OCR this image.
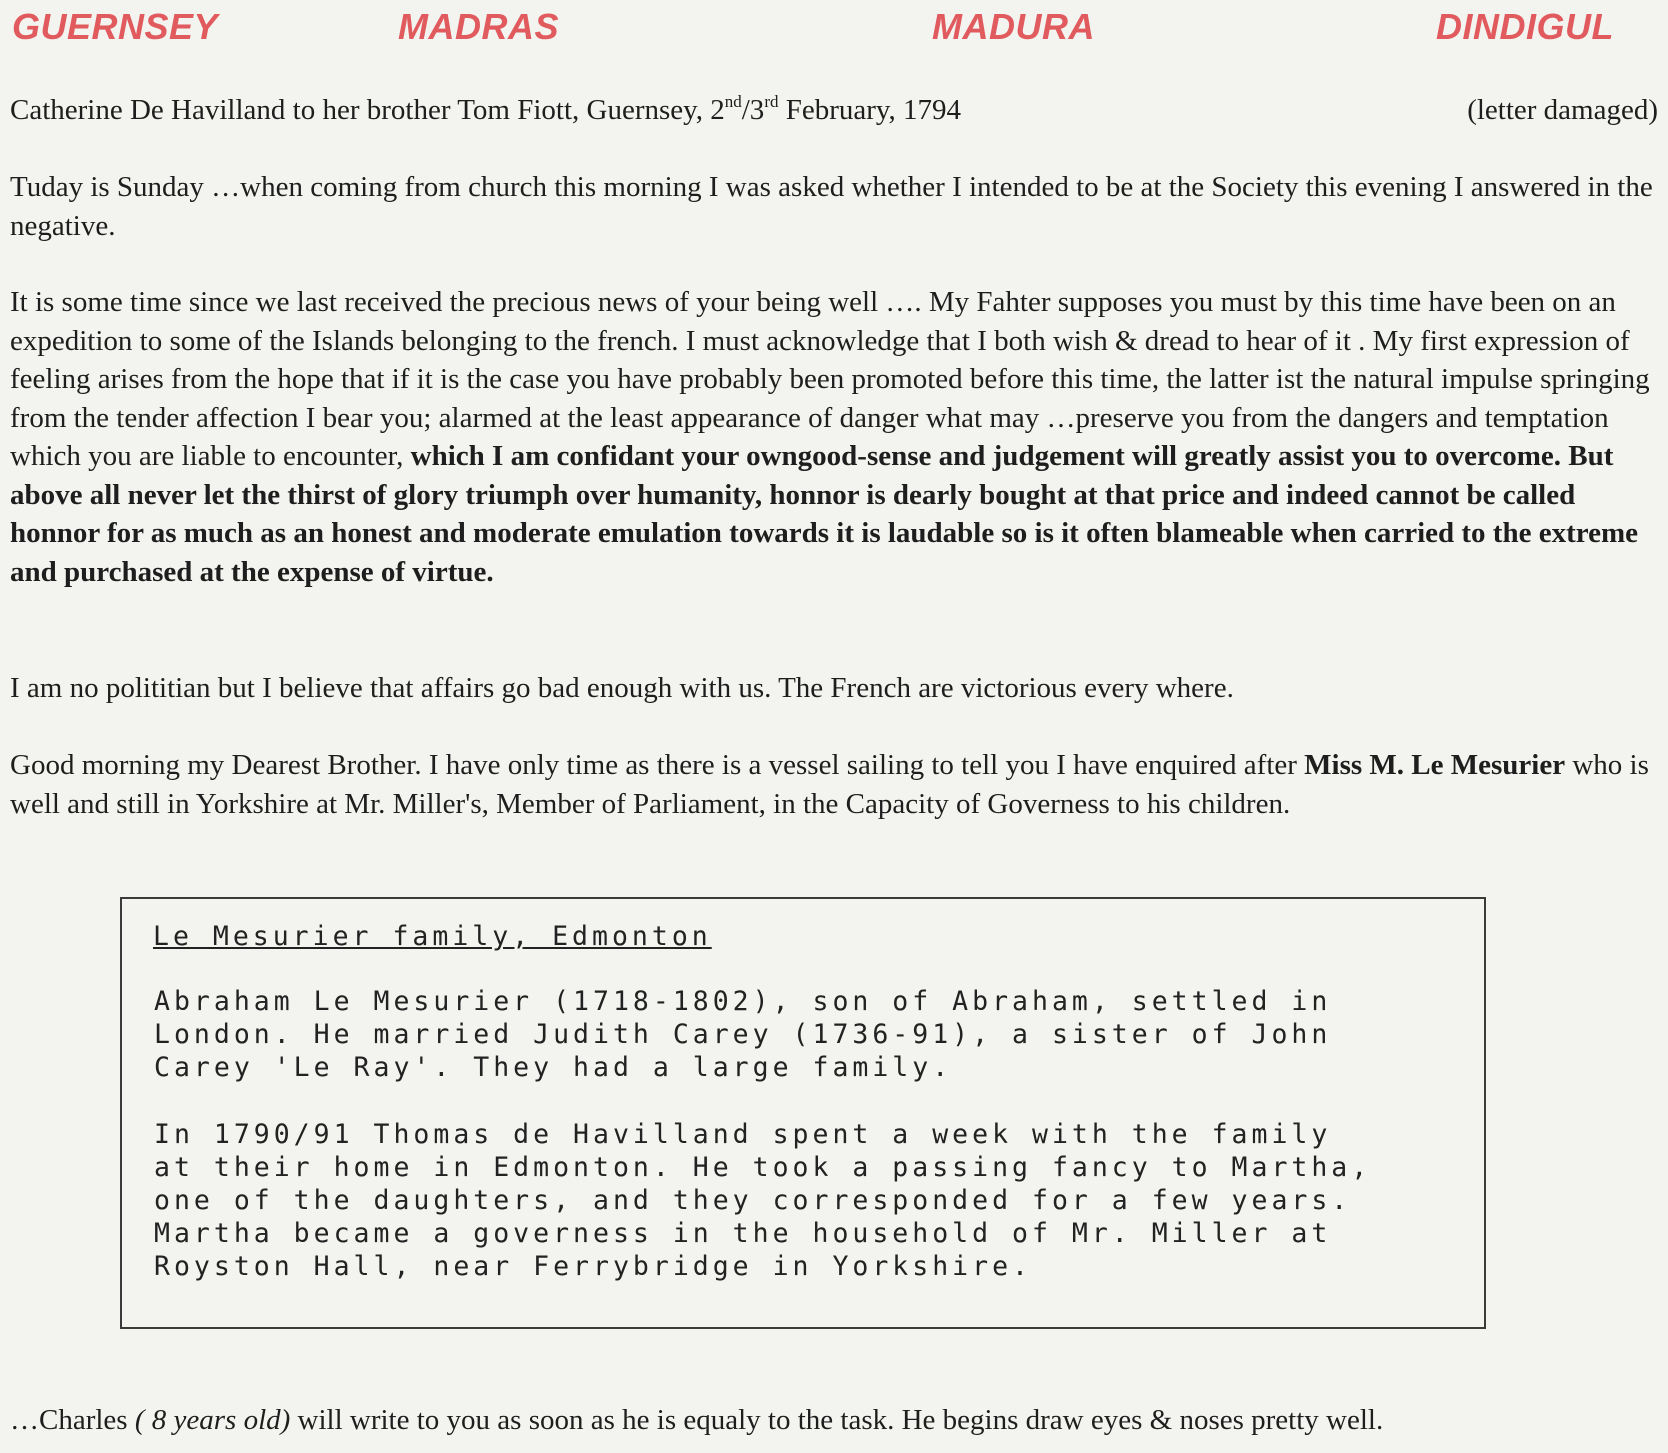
GUERNSEY	MADRAS	MADURA	DINDIGUL
Catherine De Havilland to her brother Tom Fiott, Guernsey, 2nd/3rd February, 1794	(letter damaged)
Tuday is Sunday …when coming from church this morning I was asked whether I intended to be at the Society this evening I answered in the negative.
It is some time since we last received the precious news of your being well …. My Fahter supposes you must by this time have been on an expedition to some of the Islands belonging to the french. I must acknowledge that I both wish & dread to hear of it . My first expression of feeling arises from the hope that if it is the case you have probably been promoted before this time, the latter ist the natural impulse springing from the tender affection I bear you; alarmed at the least appearance of danger what may …preserve you from the dangers and temptation which you are liable to encounter, which I am confidant your owngood-sense and judgement will greatly assist you to overcome. But above all never let the thirst of glory triumph over humanity, honnor is dearly bought at that price and indeed cannot be called honnor for as much as an honest and moderate emulation towards it is laudable so is it often blameable when carried to the extreme and purchased at the expense of virtue.
I am no polititian but I believe that affairs go bad enough with us. The French are victorious every where.
Good morning my Dearest Brother. I have only time as there is a vessel sailing to tell you I have enquired after Miss M. Le Mesurier who is well and still in Yorkshire at Mr. Miller's, Member of Parliament, in the Capacity of Governess to his children.
Le Mesurier family, Edmonton
Abraham Le Mesurier (1718-1802), son of Abraham, settled in
London. He married Judith Carey (1736-91), a sister of John
Carey 'Le Ray'. They had a large family.
In 1790/91 Thomas de Havilland spent a week with the family
at their home in Edmonton. He took a passing fancy to Martha,
one of the daughters, and they corresponded for a few years.
Martha became a governess in the household of Mr. Miller at
Royston Hall, near Ferrybridge in Yorkshire.
…Charles ( 8 years old) will write to you as soon as he is equaly to the task. He begins draw eyes & noses pretty well.
